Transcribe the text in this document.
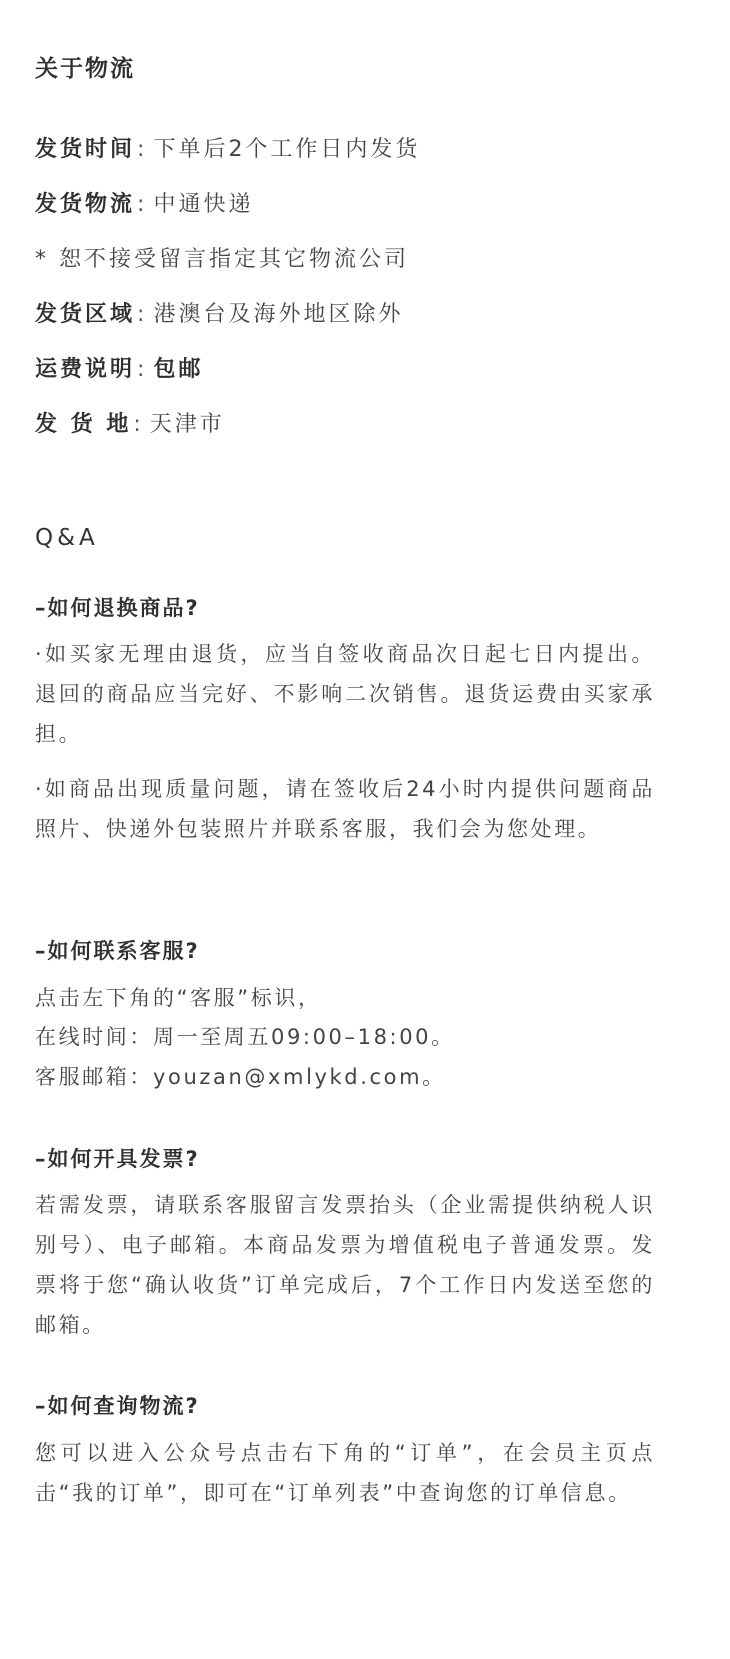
关于物流
发货时间: 下单后2个工作日内发货
发货物流: 中通快递
* 恕不接受留言指定其它物流公司
发货区域: 港澳台及海外地区除外
运费说明: 包邮
发 货 地: 天津市
Q&A
–如何退换商品?
·如买家无理由退货，应当自签收商品次日起七日内提出。退回的商品应当完好、不影响二次销售。退货运费由买家承担。
·如商品出现质量问题，请在签收后24小时内提供问题商品照片、快递外包装照片并联系客服，我们会为您处理。
–如何联系客服?
点击左下角的“客服”标识，
在线时间：周一至周五09:00–18:00。
客服邮箱：youzan@xmlykd.com。
–如何开具发票?
若需发票，请联系客服留言发票抬头（企业需提供纳税人识别号）、电子邮箱。本商品发票为增值税电子普通发票。发票将于您“确认收货”订单完成后，7个工作日内发送至您的邮箱。
–如何查询物流?
您可以进入公众号点击右下角的“订单”，在会员主页点击“我的订单”，即可在“订单列表”中查询您的订单信息。
